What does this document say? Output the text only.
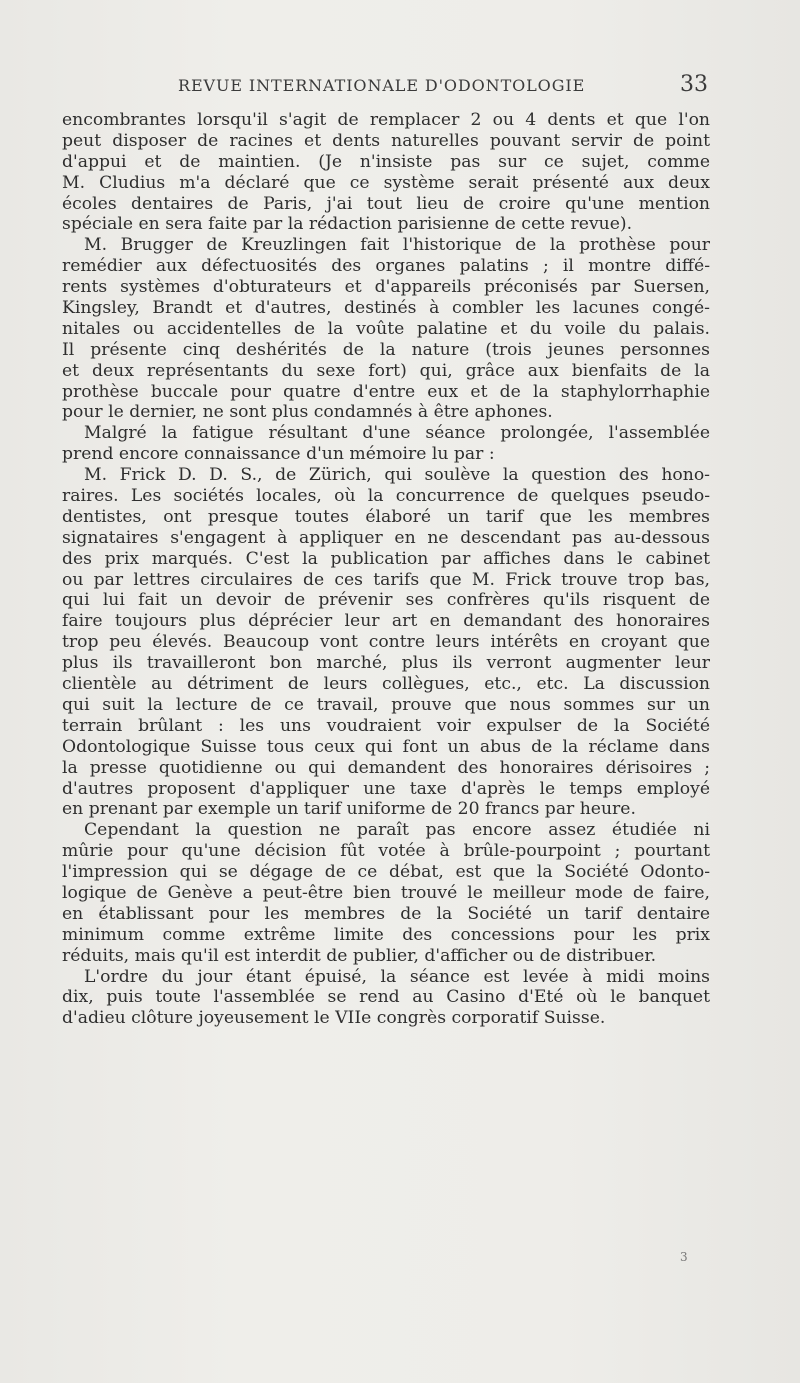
REVUE INTERNATIONALE D'ODONTOLOGIE	33
encombrantes lorsqu'il s'agit de remplacer 2 ou 4 dents et que l'on
peut disposer de racines et dents naturelles pouvant servir de point
d'appui et de maintien. (Je n'insiste pas sur ce sujet, comme
M. Cludius m'a déclaré que ce système serait présenté aux deux
écoles dentaires de Paris, j'ai tout lieu de croire qu'une mention
spéciale en sera faite par la rédaction parisienne de cette revue).
M. Brugger de Kreuzlingen fait l'historique de la prothèse pour
remédier aux défectuosités des organes palatins ; il montre diffé-
rents systèmes d'obturateurs et d'appareils préconisés par Suersen,
Kingsley, Brandt et d'autres, destinés à combler les lacunes congé-
nitales ou accidentelles de la voûte palatine et du voile du palais.
Il présente cinq deshérités de la nature (trois jeunes personnes
et deux représentants du sexe fort) qui, grâce aux bienfaits de la
prothèse buccale pour quatre d'entre eux et de la staphylorrhaphie
pour le dernier, ne sont plus condamnés à être aphones.
Malgré la fatigue résultant d'une séance prolongée, l'assemblée
prend encore connaissance d'un mémoire lu par :
M. Frick D. D. S., de Zürich, qui soulève la question des hono-
raires. Les sociétés locales, où la concurrence de quelques pseudo-
dentistes, ont presque toutes élaboré un tarif que les membres
signataires s'engagent à appliquer en ne descendant pas au-dessous
des prix marqués. C'est la publication par affiches dans le cabinet
ou par lettres circulaires de ces tarifs que M. Frick trouve trop bas,
qui lui fait un devoir de prévenir ses confrères qu'ils risquent de
faire toujours plus déprécier leur art en demandant des honoraires
trop peu élevés. Beaucoup vont contre leurs intérêts en croyant que
plus ils travailleront bon marché, plus ils verront augmenter leur
clientèle au détriment de leurs collègues, etc., etc. La discussion
qui suit la lecture de ce travail, prouve que nous sommes sur un
terrain brûlant : les uns voudraient voir expulser de la Société
Odontologique Suisse tous ceux qui font un abus de la réclame dans
la presse quotidienne ou qui demandent des honoraires dérisoires ;
d'autres proposent d'appliquer une taxe d'après le temps employé
en prenant par exemple un tarif uniforme de 20 francs par heure.
Cependant la question ne paraît pas encore assez étudiée ni
mûrie pour qu'une décision fût votée à brûle-pourpoint ; pourtant
l'impression qui se dégage de ce débat, est que la Société Odonto-
logique de Genève a peut-être bien trouvé le meilleur mode de faire,
en établissant pour les membres de la Société un tarif dentaire
minimum comme extrême limite des concessions pour les prix
réduits, mais qu'il est interdit de publier, d'afficher ou de distribuer.
L'ordre du jour étant épuisé, la séance est levée à midi moins
dix, puis toute l'assemblée se rend au Casino d'Eté où le banquet
d'adieu clôture joyeusement le VIIe congrès corporatif Suisse.
3
